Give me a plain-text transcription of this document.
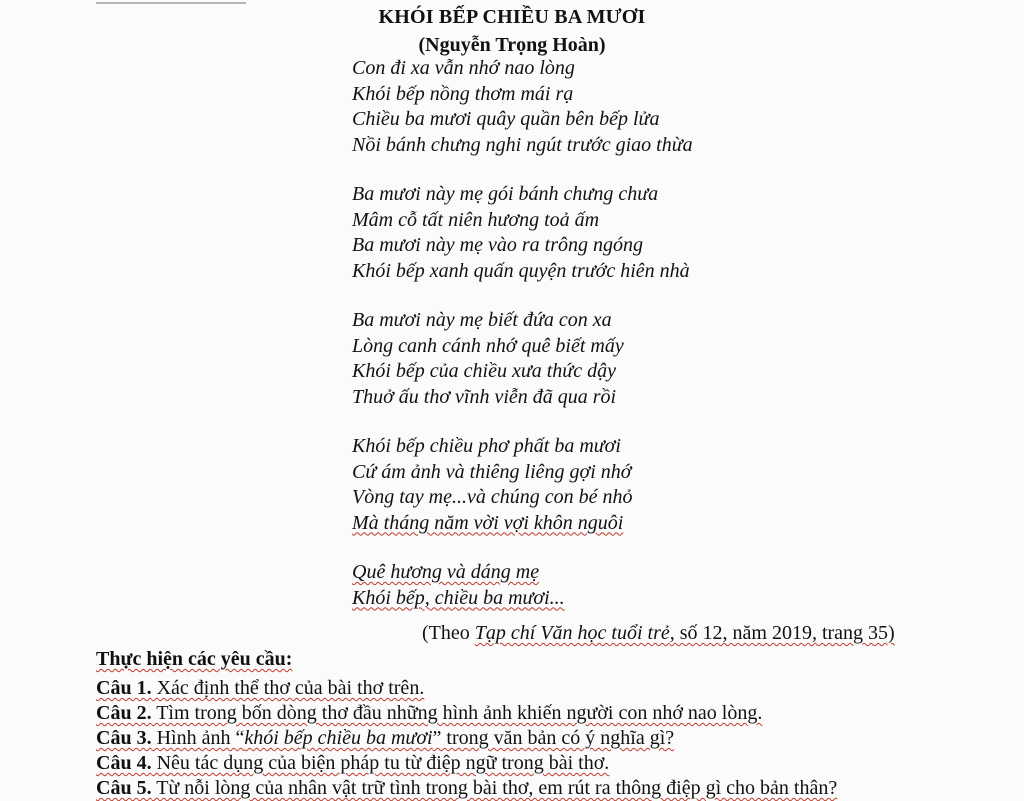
KHÓI BẾP CHIỀU BA MƯƠI
(Nguyễn Trọng Hoàn)
Con đi xa vẫn nhớ nao lòng
Khói bếp nồng thơm mái rạ
Chiều ba mươi quây quần bên bếp lửa
Nồi bánh chưng nghi ngút trước giao thừa
Ba mươi này mẹ gói bánh chưng chưa
Mâm cỗ tất niên hương toả ấm
Ba mươi này mẹ vào ra trông ngóng
Khói bếp xanh quấn quyện trước hiên nhà
Ba mươi này mẹ biết đứa con xa
Lòng canh cánh nhớ quê biết mấy
Khói bếp của chiều xưa thức dậy
Thuở ấu thơ vĩnh viễn đã qua rồi
Khói bếp chiều phơ phất ba mươi
Cứ ám ảnh và thiêng liêng gợi nhớ
Vòng tay mẹ...và chúng con bé nhỏ
Mà tháng năm vời vợi khôn nguôi
Quê hương và dáng mẹ
Khói bếp, chiều ba mươi...
(Theo Tạp chí Văn học tuổi trẻ, số 12, năm 2019, trang 35)
Thực hiện các yêu cầu:
Câu 1. Xác định thể thơ của bài thơ trên.
Câu 2. Tìm trong bốn dòng thơ đầu những hình ảnh khiến người con nhớ nao lòng.
Câu 3. Hình ảnh “khói bếp chiều ba mươi” trong văn bản có ý nghĩa gì?
Câu 4. Nêu tác dụng của biện pháp tu từ điệp ngữ trong bài thơ.
Câu 5. Từ nỗi lòng của nhân vật trữ tình trong bài thơ, em rút ra thông điệp gì cho bản thân?
